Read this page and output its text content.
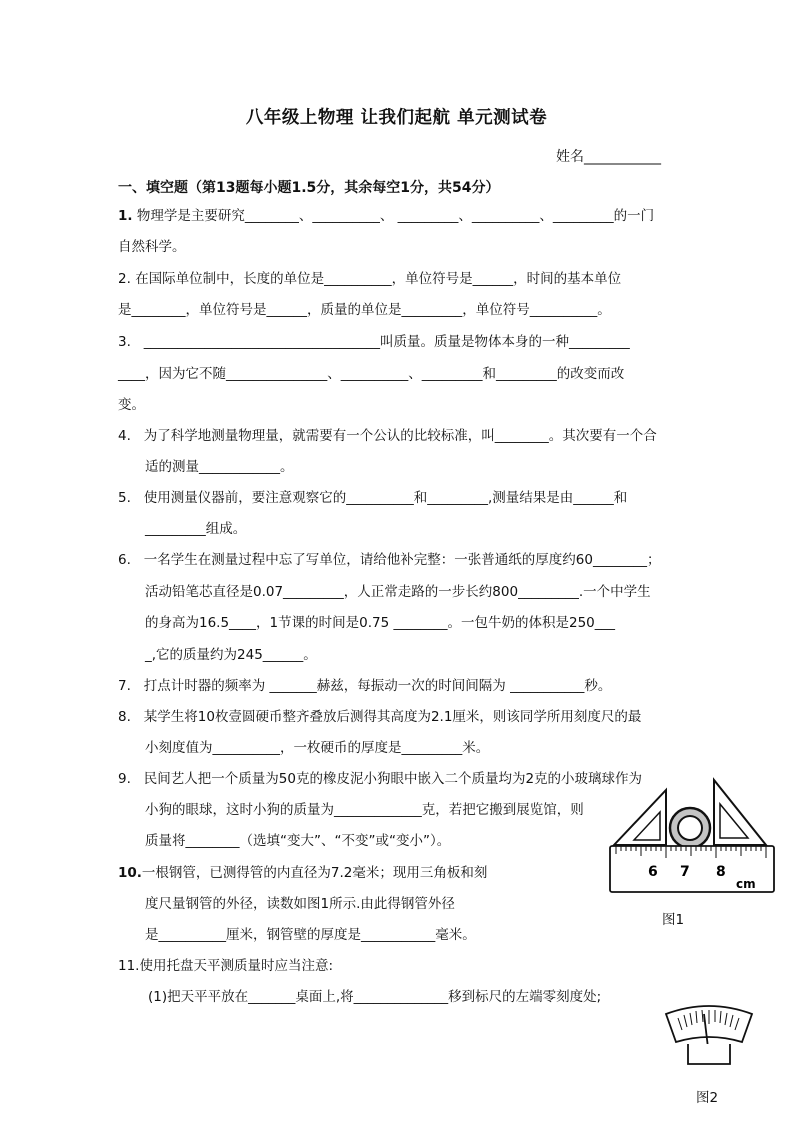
八年级上物理 让我们起航 单元测试卷
姓名___________
一、填空题（第13题每小题1.5分，其余每空1分，共54分）
1. 物理学是主要研究________、__________、 _________、__________、_________的一门
自然科学。
2. 在国际单位制中，长度的单位是__________，单位符号是______，时间的基本单位
是________，单位符号是______，质量的单位是_________，单位符号__________。
3. ___________________________________叫质量。质量是物体本身的一种_________
____，因为它不随_______________、__________、_________和_________的改变而改
变。
4. 为了科学地测量物理量，就需要有一个公认的比较标准，叫________。其次要有一个合
适的测量____________。
5. 使用测量仪器前，要注意观察它的__________和_________,测量结果是由______和
_________组成。
6. 一名学生在测量过程中忘了写单位，请给他补完整：一张普通纸的厚度约60________；
活动铅笔芯直径是0.07_________，人正常走路的一步长约800_________.一个中学生
的身高为16.5____，1节课的时间是0.75 ________。一包牛奶的体积是250___
_,它的质量约为245______。
7. 打点计时器的频率为 _______赫兹，每振动一次的时间间隔为 ___________秒。
8. 某学生将10枚壹圆硬币整齐叠放后测得其高度为2.1厘米，则该同学所用刻度尺的最
小刻度值为__________，一枚硬币的厚度是_________米。
9. 民间艺人把一个质量为50克的橡皮泥小狗眼中嵌入二个质量均为2克的小玻璃球作为
小狗的眼球，这时小狗的质量为_____________克，若把它搬到展览馆，则
质量将________（选填“变大”、“不变”或“变小”）。
10.一根钢管，已测得管的内直径为7.2毫米；现用三角板和刻
度尺量钢管的外径，读数如图1所示.由此得钢管外径
是__________厘米，钢管壁的厚度是___________毫米。
11.使用托盘天平测质量时应当注意:
(1)把天平平放在_______桌面上,将______________移到标尺的左端零刻度处;
6 7 8
cm
图1
图2
